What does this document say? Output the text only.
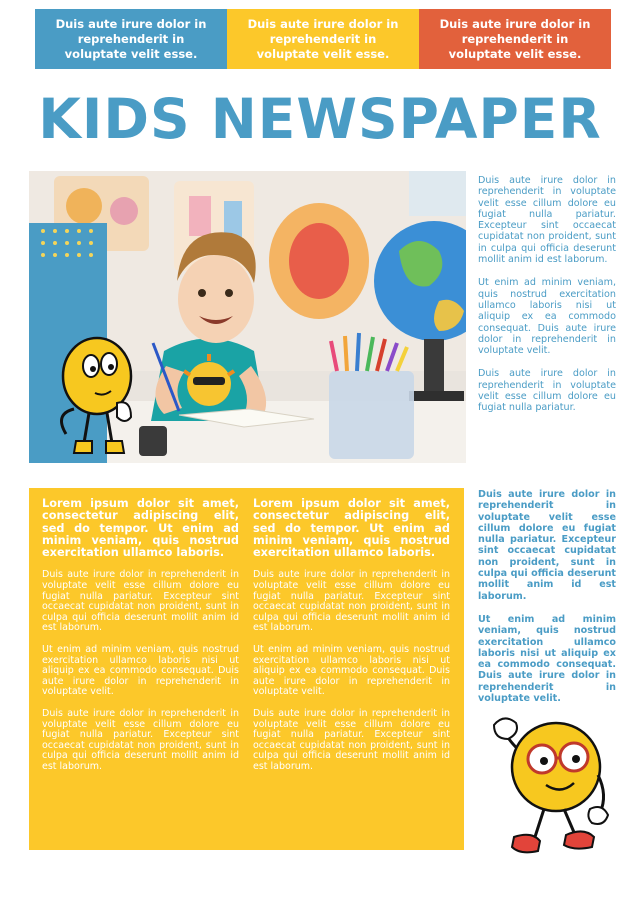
Duis aute irure dolor in reprehenderit in voluptate velit esse.
Duis aute irure dolor in reprehenderit in voluptate velit esse.
Duis aute irure dolor in reprehenderit in voluptate velit esse.
KIDS NEWSPAPER

Duis aute irure dolor in reprehenderit in voluptate velit esse cillum dolore eu fugiat nulla pariatur. Excepteur sint occaecat cupidatat non proident, sunt in culpa qui officia deserunt mollit anim id est laborum.

Ut enim ad minim veniam, quis nostrud exercitation ullamco laboris nisi ut aliquip ex ea commodo consequat. Duis aute irure dolor in reprehenderit in voluptate velit.

Duis aute irure dolor in reprehenderit in voluptate velit esse cillum dolore eu fugiat nulla pariatur.

Lorem ipsum dolor sit amet, consectetur adipiscing elit, sed do tempor. Ut enim ad minim veniam, quis nostrud exercitation ullamco laboris.

Duis aute irure dolor in reprehenderit in voluptate velit esse cillum dolore eu fugiat nulla pariatur. Excepteur sint occaecat cupidatat non proident, sunt in culpa qui officia deserunt mollit anim id est laborum.

Ut enim ad minim veniam, quis nostrud exercitation ullamco laboris nisi ut aliquip ex ea commodo consequat. Duis aute irure dolor in reprehenderit in voluptate velit.

Duis aute irure dolor in reprehenderit in voluptate velit esse cillum dolore eu fugiat nulla pariatur. Excepteur sint occaecat cupidatat non proident, sunt in culpa qui officia deserunt mollit anim id est laborum.

Lorem ipsum dolor sit amet, consectetur adipiscing elit, sed do tempor. Ut enim ad minim veniam, quis nostrud exercitation ullamco laboris.

Duis aute irure dolor in reprehenderit in voluptate velit esse cillum dolore eu fugiat nulla pariatur. Excepteur sint occaecat cupidatat non proident, sunt in culpa qui officia deserunt mollit anim id est laborum.

Ut enim ad minim veniam, quis nostrud exercitation ullamco laboris nisi ut aliquip ex ea commodo consequat. Duis aute irure dolor in reprehenderit in voluptate velit.

Duis aute irure dolor in reprehenderit in voluptate velit esse cillum dolore eu fugiat nulla pariatur. Excepteur sint occaecat cupidatat non proident, sunt in culpa qui officia deserunt mollit anim id est laborum.

Duis aute irure dolor in reprehenderit in voluptate velit esse cillum dolore eu fugiat nulla pariatur. Excepteur sint occaecat cupidatat non proident, sunt in culpa qui officia deserunt mollit anim id est laborum.

Ut enim ad minim veniam, quis nostrud exercitation ullamco laboris nisi ut aliquip ex ea commodo consequat. Duis aute irure dolor in reprehenderit in voluptate velit.
